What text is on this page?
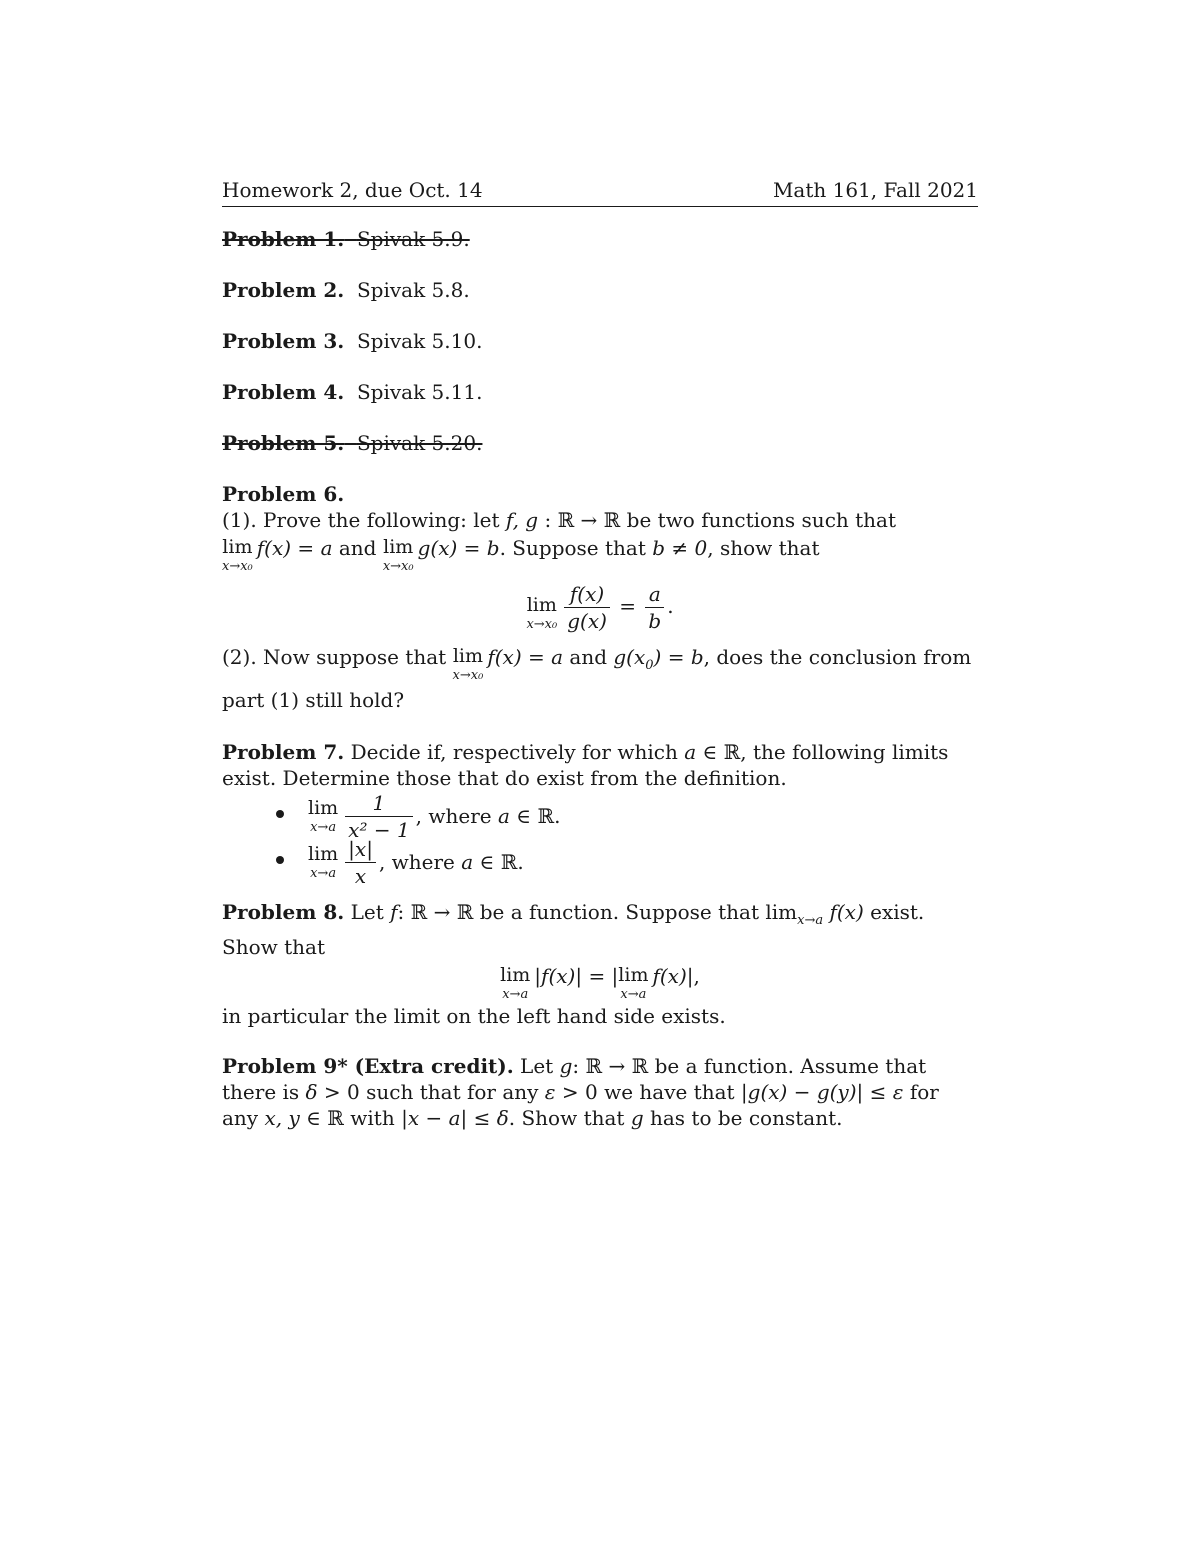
Homework 2, due Oct. 14	Math 161, Fall 2021

Problem 1. Spivak 5.9.

Problem 2. Spivak 5.8.

Problem 3. Spivak 5.10.

Problem 4. Spivak 5.11.

Problem 5. Spivak 5.20.

Problem 6.

(1). Prove the following: let f, g : ℝ → ℝ be two functions such that

lim
x→x₀
f(x) = a and lim
x→x₀
g(x) = b. Suppose that b ≠ 0, show that

lim
$x\to x_0 \frac{f(x)}{g(x)} = \frac{a}{b}$ .

(2). Now suppose that lim
x→x₀
f(x) = a and $g(x_0) = b$, does the conclusion from part (1) still hold?

Problem 7. Decide if, respectively for which a ∈ ℝ, the following limits exist. Determine those that do exist from the definition.

lim
$x\to a \frac{1}{\text{x² − 1}}$ , where
a ∈ ℝ .
lim
$x\to a \frac{|x|}{x}$ , where
a ∈ ℝ .

Problem 8. Let f: ℝ → ℝ be a function. Suppose that $\lim_{x\to a} f(x)$ exist. Show that

lim
x→a
|f(x)| = | lim
x→a
f(x)|,

in particular the limit on the left hand side exists.

Problem 9* (Extra credit). Let g: ℝ → ℝ be a function. Assume that there is δ > 0 such that for any ε > 0 we have that |g(x) − g(y)| ≤ ε for any x, y ∈ ℝ with |x − a| ≤ δ. Show that g has to be constant.
